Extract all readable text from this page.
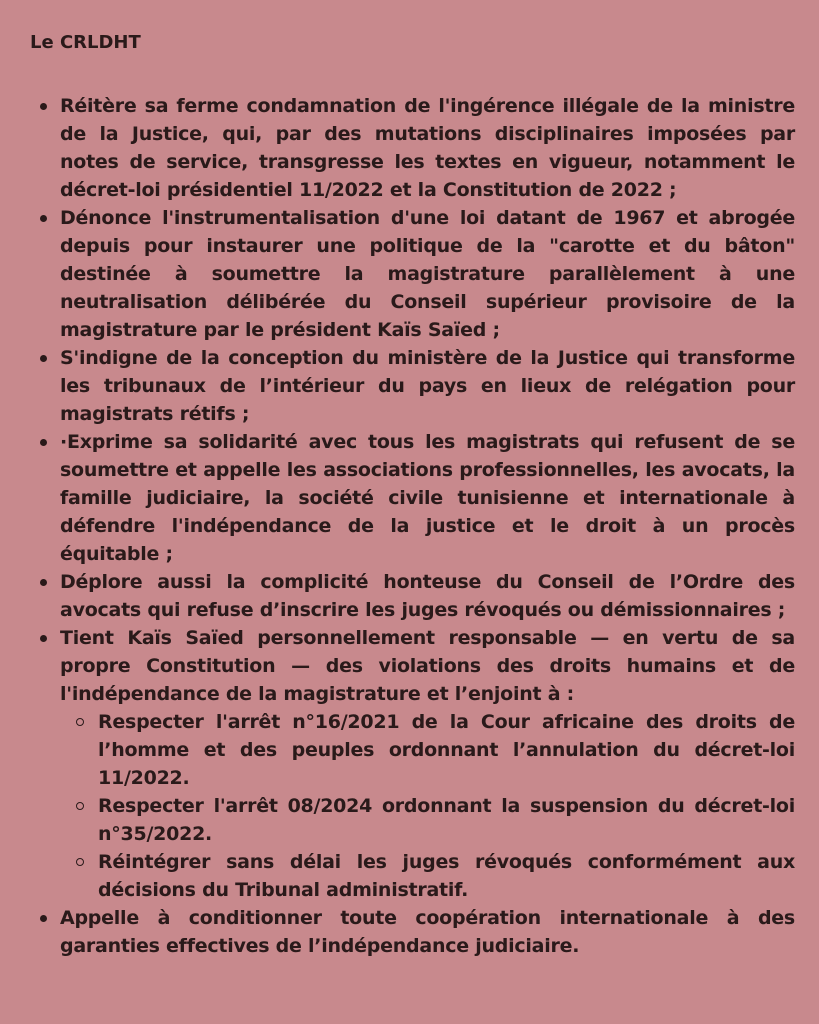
Le CRLDHT
Réitère sa ferme condamnation de l'ingérence illégale de la ministre de la Justice, qui, par des mutations disciplinaires imposées par notes de service, transgresse les textes en vigueur, notamment le décret-loi présidentiel 11/2022 et la Constitution de 2022 ;
Dénonce l'instrumentalisation d'une loi datant de 1967 et abrogée depuis pour instaurer une politique de la "carotte et du bâton" destinée à soumettre la magistrature parallèlement à une neutralisation délibérée du Conseil supérieur provisoire de la magistrature par le président Kaïs Saïed ;
S'indigne de la conception du ministère de la Justice qui transforme les tribunaux de l’intérieur du pays en lieux de relégation pour magistrats rétifs ;
·Exprime sa solidarité avec tous les magistrats qui refusent de se soumettre et appelle les associations professionnelles, les avocats, la famille judiciaire, la société civile tunisienne et internationale à défendre l'indépendance de la justice et le droit à un procès équitable ;
Déplore aussi la complicité honteuse du Conseil de l’Ordre des avocats qui refuse d’inscrire les juges révoqués ou démissionnaires ;
Tient Kaïs Saïed personnellement responsable — en vertu de sa propre Constitution — des violations des droits humains et de l'indépendance de la magistrature et l’enjoint à :
Respecter l'arrêt n°16/2021 de la Cour africaine des droits de l’homme et des peuples ordonnant l’annulation du décret-loi 11/2022.
Respecter l'arrêt 08/2024 ordonnant la suspension du décret-loi n°35/2022.
Réintégrer sans délai les juges révoqués conformément aux décisions du Tribunal administratif.
Appelle à conditionner toute coopération internationale à des garanties effectives de l’indépendance judiciaire.
